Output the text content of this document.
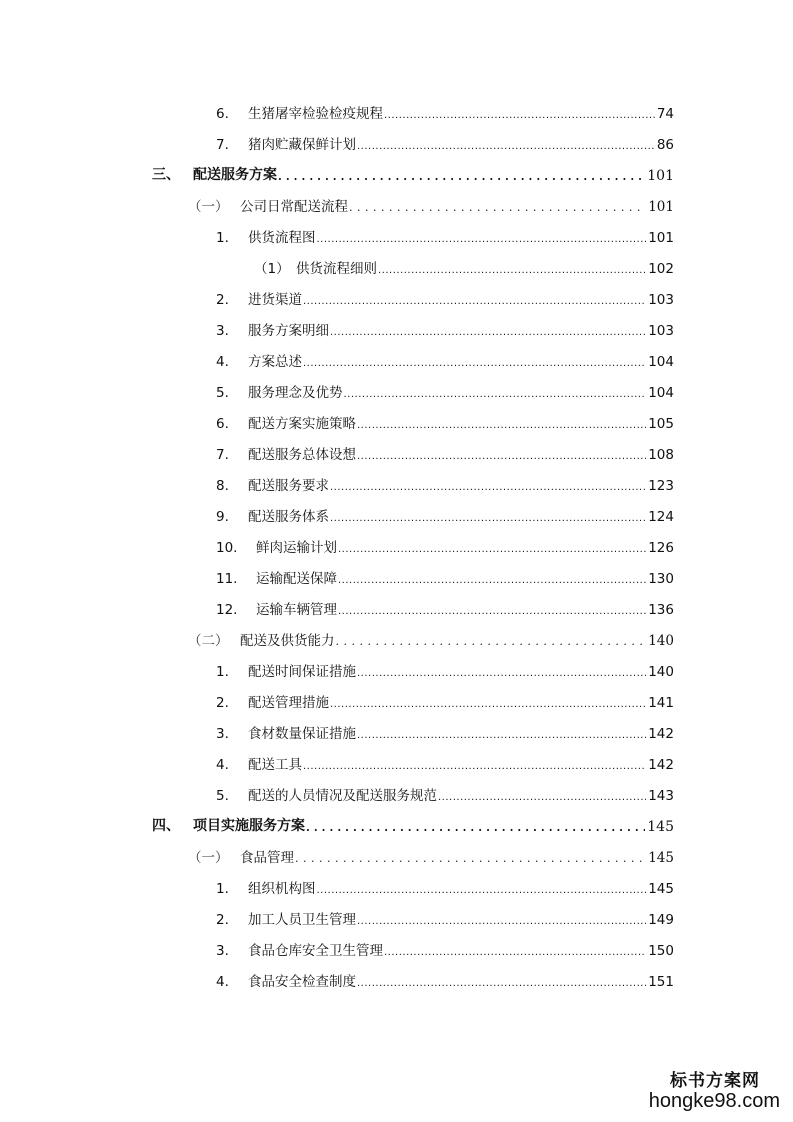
6.	生猪屠宰检验检疫规程 .....	74
7.	猪肉贮藏保鲜计划 .....	86
三、 配送服务方案 .....	101
（一） 公司日常配送流程 .....	101
1.	供货流程图 .....	101
（1） 供货流程细则 .....	102
2.	进货渠道 .....	103
3.	服务方案明细 .....	103
4.	方案总述 .....	104
5.	服务理念及优势 .....	104
6.	配送方案实施策略 .....	105
7.	配送服务总体设想 .....	108
8.	配送服务要求 .....	123
9.	配送服务体系 .....	124
10.	鲜肉运输计划 .....	126
11.	运输配送保障 .....	130
12.	运输车辆管理 .....	136
（二） 配送及供货能力 .....	140
1.	配送时间保证措施 .....	140
2.	配送管理措施 .....	141
3.	食材数量保证措施 .....	142
4.	配送工具 .....	142
5.	配送的人员情况及配送服务规范 .....	143
四、 项目实施服务方案 .....	145
（一） 食品管理 .....	145
1.	组织机构图 .....	145
2.	加工人员卫生管理 .....	149
3.	食品仓库安全卫生管理 .....	150
4.	食品安全检查制度 .....	151
标书方案网
hongke98.com
